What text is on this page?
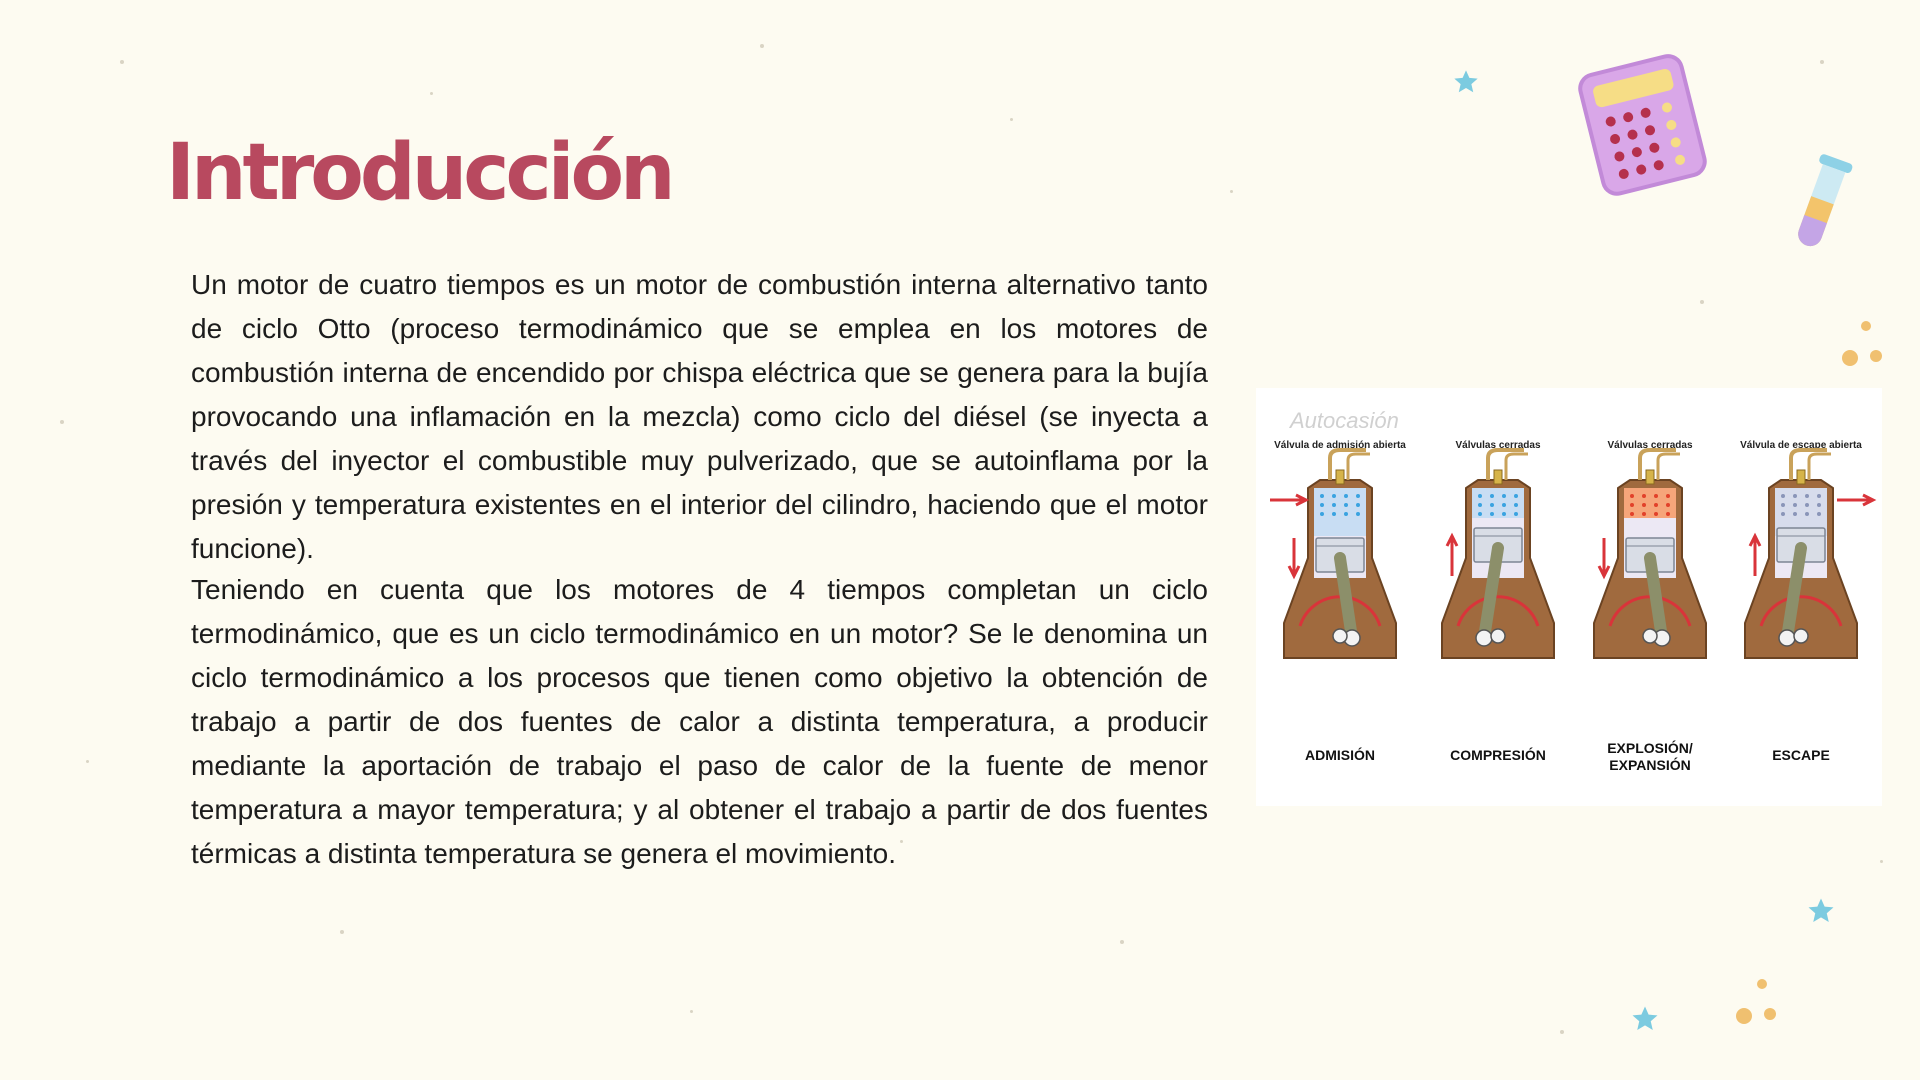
Introducción

Un motor de cuatro tiempos es un motor de combustión interna alternativo tanto de ciclo Otto (proceso termodinámico que se emplea en los motores de combustión interna de encendido por chispa eléctrica que se genera para la bujía provocando una inflamación en la mezcla) como ciclo del diésel (se inyecta a través del inyector el combustible muy pulverizado, que se autoinflama por la presión y temperatura existentes en el interior del cilindro, haciendo que el motor funcione).

Teniendo en cuenta que los motores de 4 tiempos completan un ciclo termodinámico, que es un ciclo termodinámico en un motor? Se le denomina un ciclo termodinámico a los procesos que tienen como objetivo la obtención de trabajo a partir de dos fuentes de calor a distinta temperatura, a producir mediante la aportación de trabajo el paso de calor de la fuente de menor temperatura a mayor temperatura; y al obtener el trabajo a partir de dos fuentes térmicas a distinta temperatura se genera el movimiento.

Autocasión
Válvula de admisión abierta
ADMISIÓN
Válvulas cerradas
COMPRESIÓN
Válvulas cerradas
EXPLOSIÓN/
EXPANSIÓN
Válvula de escape abierta
ESCAPE
